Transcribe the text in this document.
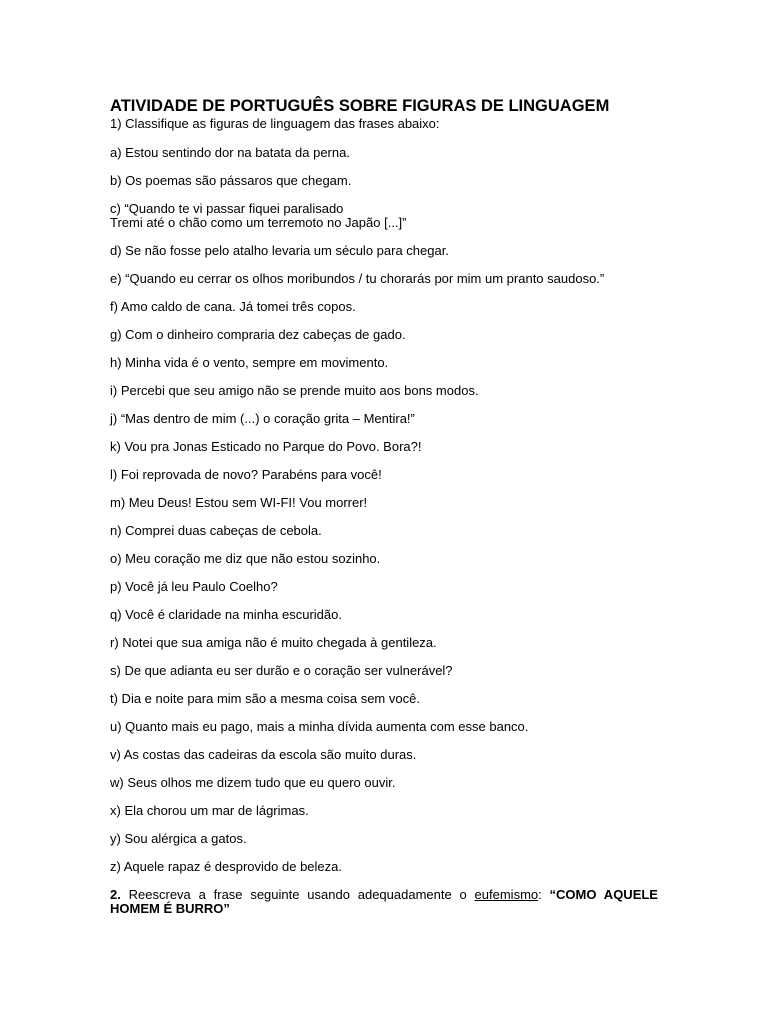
ATIVIDADE DE PORTUGUÊS SOBRE FIGURAS DE LINGUAGEM

1) Classifique as figuras de linguagem das frases abaixo:

a) Estou sentindo dor na batata da perna.

b) Os poemas são pássaros que chegam.

c) “Quando te vi passar fiquei paralisado
Tremi até o chão como um terremoto no Japão [...]”

d) Se não fosse pelo atalho levaria um século para chegar.

e) “Quando eu cerrar os olhos moribundos / tu chorarás por mim um pranto saudoso.”

f) Amo caldo de cana. Já tomei três copos.

g) Com o dinheiro compraria dez cabeças de gado.

h) Minha vida é o vento, sempre em movimento.

i) Percebi que seu amigo não se prende muito aos bons modos.

j) “Mas dentro de mim (...) o coração grita – Mentira!”

k) Vou pra Jonas Esticado no Parque do Povo. Bora?!

l) Foi reprovada de novo? Parabéns para você!

m) Meu Deus! Estou sem WI-FI! Vou morrer!

n) Comprei duas cabeças de cebola.

o) Meu coração me diz que não estou sozinho.

p) Você já leu Paulo Coelho?

q) Você é claridade na minha escuridão.

r) Notei que sua amiga não é muito chegada à gentileza.

s) De que adianta eu ser durão e o coração ser vulnerável?

t) Dia e noite para mim são a mesma coisa sem você.

u) Quanto mais eu pago, mais a minha dívida aumenta com esse banco.

v) As costas das cadeiras da escola são muito duras.

w) Seus olhos me dizem tudo que eu quero ouvir.

x) Ela chorou um mar de lágrimas.

y) Sou alérgica a gatos.

z) Aquele rapaz é desprovido de beleza.

2. Reescreva a frase seguinte usando adequadamente o eufemismo: “COMO AQUELE HOMEM É BURRO”
